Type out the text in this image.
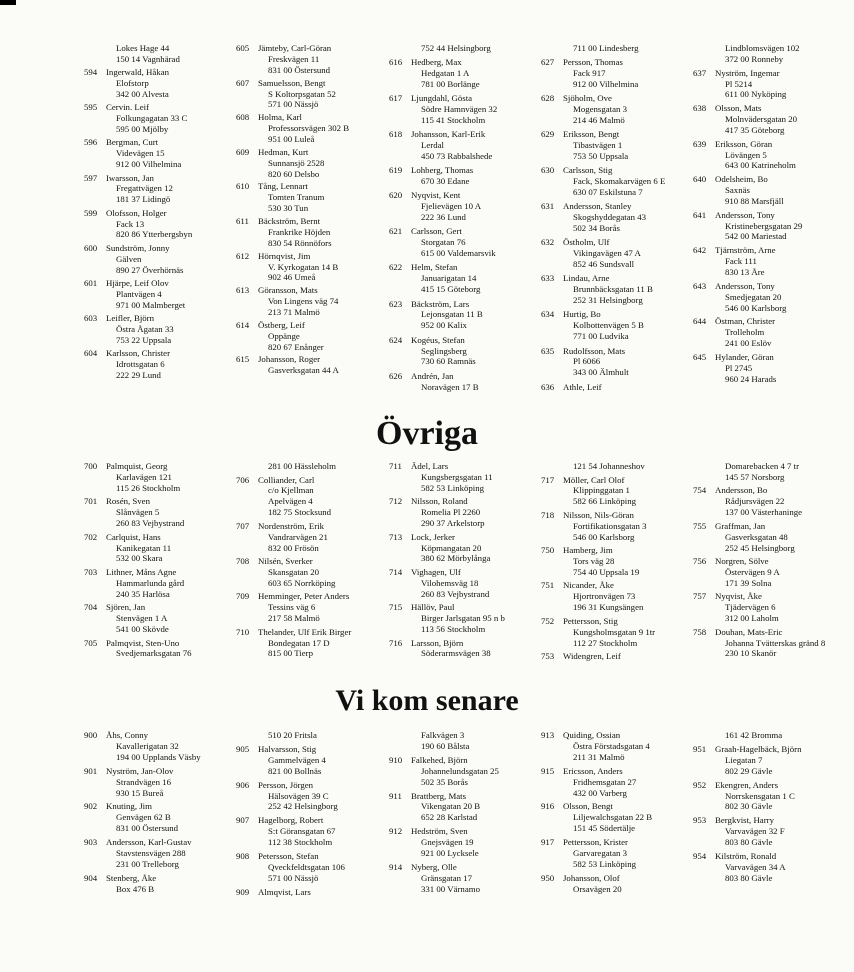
Lokes Hage 44
150 14 Vagnhärad
594 Ingerwald, Håkan
Elofstorp
342 00 Alvesta
595 Cervin. Leif
Folkungagatan 33 C
595 00 Mjölby
596 Bergman, Curt
Videvägen 15
912 00 Vilhelmina
597 Iwarsson, Jan
Fregattvägen 12
181 37 Lidingö
599 Olofsson, Holger
Fack 13
820 86 Ytterbergsbyn
600 Sundström, Jonny
Gälven
890 27 Överhörnäs
601 Hjärpe, Leif Olov
Plantvägen 4
971 00 Malmberget
603 Leifler, Björn
Östra Ågatan 33
753 22 Uppsala
604 Karlsson, Christer
Idrottsgatan 6
222 29 Lund
605 Jämteby, Carl-Göran
Freskvägen 11
831 00 Östersund
607 Samuelsson, Bengt
S Koltorpsgatan 52
571 00 Nässjö
608 Holma, Karl
Professorsvägen 302 B
951 00 Luleå
609 Hedman, Kurt
Sunnansjö 2528
820 60 Delsbo
610 Tång, Lennart
Tomten Tranum
530 30 Tun
611 Bäckström, Bernt
Frankrike Höjden
830 54 Rönnöfors
612 Hörnqvist, Jim
V. Kyrkogatan 14 B
902 46 Umeå
613 Göransson, Mats
Von Lingens väg 74
213 71 Malmö
614 Östberg, Leif
Oppänge
820 67 Enånger
615 Johansson, Roger
Gasverksgatan 44 A
752 44 Helsingborg
616 Hedberg, Max
Hedgatan 1 A
781 00 Borlänge
617 Ljungdahl, Gösta
Södre Hamnvägen 32
115 41 Stockholm
618 Johansson, Karl-Erik
Lerdal
450 73 Rabbalshede
619 Lohberg, Thomas
670 30 Edane
620 Nyqvist, Kent
Fjelievägen 10 A
222 36 Lund
621 Carlsson, Gert
Storgatan 76
615 00 Valdemarsvik
622 Helm, Stefan
Januarigatan 14
415 15 Göteborg
623 Bäckström, Lars
Lejonsgatan 11 B
952 00 Kalix
624 Kogéus, Stefan
Seglingsberg
730 60 Ramnäs
626 Andrén, Jan
Noravägen 17 B
711 00 Lindesberg
627 Persson, Thomas
Fack 917
912 00 Vilhelmina
628 Sjöholm, Ove
Mogensgatan 3
214 46 Malmö
629 Eriksson, Bengt
Tibastvägen 1
753 50 Uppsala
630 Carlsson, Stig
Fack, Skomakarvägen 6 E
630 07 Eskilstuna 7
631 Andersson, Stanley
Skogshyddegatan 43
502 34 Borås
632 Östholm, Ulf
Vikingavägen 47 A
852 46 Sundsvall
633 Lindau, Arne
Brunnbäcksgatan 11 B
252 31 Helsingborg
634 Hurtig, Bo
Kolbottenvägen 5 B
771 00 Ludvika
635 Rudolfsson, Mats
Pl 6066
343 00 Älmhult
636 Athle, Leif
Lindblomsvägen 102
372 00 Ronneby
637 Nyström, Ingemar
Pl 5214
611 00 Nyköping
638 Olsson, Mats
Molnvädersgatan 20
417 35 Göteborg
639 Eriksson, Göran
Lövängen 5
643 00 Katrineholm
640 Odelsheim, Bo
Saxnäs
910 88 Marsfjäll
641 Andersson, Tony
Kristinebergsgatan 29
542 00 Mariestad
642 Tjärnström, Arne
Fack 111
830 13 Åre
643 Andersson, Tony
Smedjegatan 20
546 00 Karlsborg
644 Östman, Christer
Trolleholm
241 00 Eslöv
645 Hylander, Göran
Pl 2745
960 24 Harads
Övriga
700 Palmquist, Georg
Karlavägen 121
115 26 Stockholm
701 Rosén, Sven
Slånvägen 5
260 83 Vejbystrand
702 Carlquist, Hans
Kanikegatan 11
532 00 Skara
703 Lithner, Måns Agne
Hammarlunda gård
240 35 Harlösa
704 Sjören, Jan
Stenvägen 1 A
541 00 Skövde
705 Palmqvist, Sten-Uno
Svedjemarksgatan 76
281 00 Hässleholm
706 Colliander, Carl
c/o Kjellman
Apelvägen 4
182 75 Stocksund
707 Nordenström, Erik
Vandrarvägen 21
832 00 Frösön
708 Nilsén, Sverker
Skansgatan 20
603 65 Norrköping
709 Hemminger, Peter Anders
Tessins väg 6
217 58 Malmö
710 Thelander, Ulf Erik Birger
Bondegatan 17 D
815 00 Tierp
711 Ädel, Lars
Kungsbergsgatan 11
582 53 Linköping
712 Nilsson, Roland
Romelia Pl 2260
290 37 Arkelstorp
713 Lock, Jerker
Köpmangatan 20
380 62 Mörbylånga
714 Vighagen, Ulf
Vilohemsväg 18
260 83 Vejbystrand
715 Hällöv, Paul
Birger Jarlsgatan 95 n b
113 56 Stockholm
716 Larsson, Björn
Söderarmsvägen 38
121 54 Johanneshov
717 Möller, Carl Olof
Klippinggatan 1
582 66 Linköping
718 Nilsson, Nils-Göran
Fortifikationsgatan 3
546 00 Karlsborg
750 Hamberg, Jim
Tors väg 28
754 40 Uppsala 19
751 Nicander, Åke
Hjortronvägen 73
196 31 Kungsängen
752 Pettersson, Stig
Kungsholmsgatan 9 1tr
112 27 Stockholm
753 Widengren, Leif
Domarebacken 4 7 tr
145 57 Norsborg
754 Andersson, Bo
Rådjursvägen 22
137 00 Västerhaninge
755 Graffman, Jan
Gasverksgatan 48
252 45 Helsingborg
756 Norgren, Sölve
Östervägen 9 A
171 39 Solna
757 Nyqvist, Åke
Tjädervägen 6
312 00 Laholm
758 Douhan, Mats-Eric
Johanna Tvätterskas gränd 8
230 10 Skanör
Vi kom senare
900 Åhs, Conny
Kavallerigatan 32
194 00 Upplands Väsby
901 Nyström, Jan-Olov
Strandvägen 16
930 15 Bureå
902 Knuting, Jim
Genvägen 62 B
831 00 Östersund
903 Andersson, Karl-Gustav
Stavstensvägen 288
231 00 Trelleborg
904 Stenberg, Åke
Box 476 B
510 20 Fritsla
905 Halvarsson, Stig
Gammelvägen 4
821 00 Bollnäs
906 Persson, Jörgen
Hälsovägen 39 C
252 42 Helsingborg
907 Hagelborg, Robert
S:t Göransgatan 67
112 38 Stockholm
908 Petersson, Stefan
Qveckfeldtsgatan 106
571 00 Nässjö
909 Almqvist, Lars
Falkvägen 3
190 60 Bålsta
910 Falkehed, Björn
Johannelundsgatan 25
502 35 Borås
911 Brattberg, Mats
Vikengatan 20 B
652 28 Karlstad
912 Hedström, Sven
Gnejsvägen 19
921 00 Lycksele
914 Nyberg, Olle
Gränsgatan 17
331 00 Värnamo
913 Quiding, Ossian
Östra Förstadsgatan 4
211 31 Malmö
915 Ericsson, Anders
Fridhemsgatan 27
432 00 Varberg
916 Olsson, Bengt
Liljewalchsgatan 22 B
151 45 Södertälje
917 Pettersson, Krister
Garvaregatan 3
582 53 Linköping
950 Johansson, Olof
Orsavägen 20
161 42 Bromma
951 Graah-Hagelbäck, Björn
Liegatan 7
802 29 Gävle
952 Ekengren, Anders
Norrskensgatan 1 C
802 30 Gävle
953 Bergkvist, Harry
Varvavägen 32 F
803 80 Gävle
954 Kilström, Ronald
Varvavägen 34 A
803 80 Gävle
